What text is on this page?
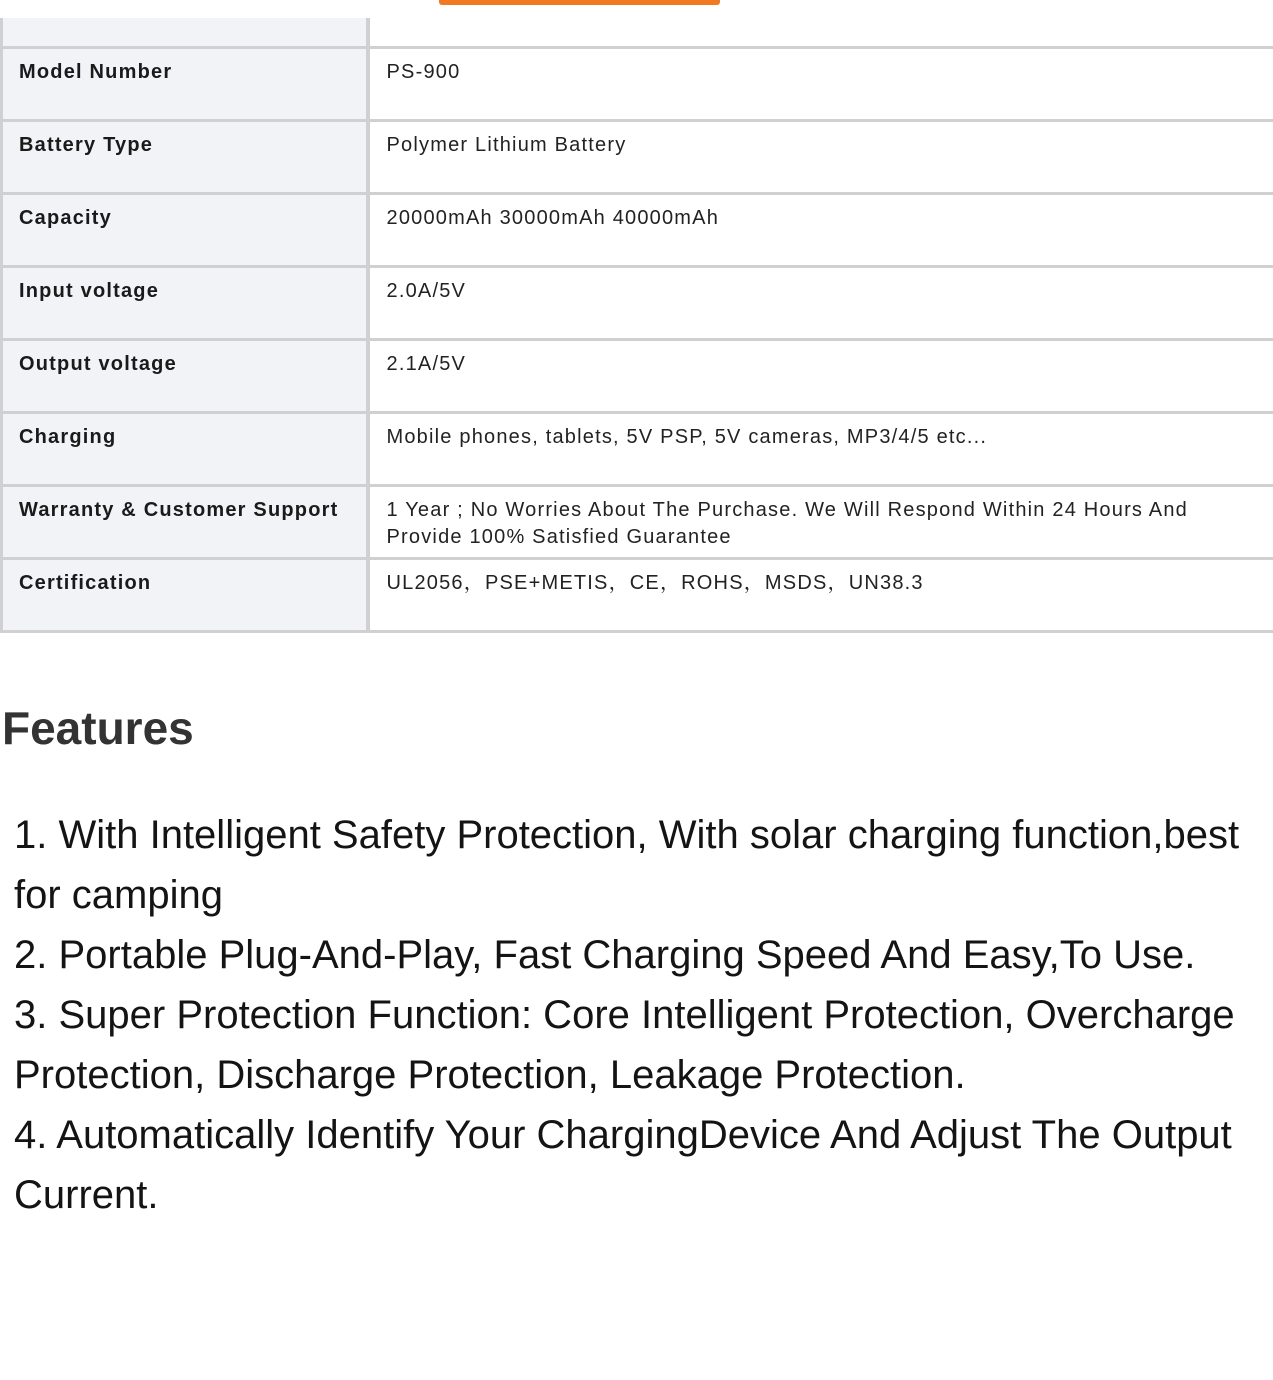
Model Number	PS-900

Battery Type	Polymer Lithium Battery

Capacity	20000mAh 30000mAh 40000mAh

Input voltage	2.0A/5V

Output voltage	2.1A/5V

Charging	Mobile phones, tablets, 5V PSP, 5V cameras, MP3/4/5 etc...

Warranty & Customer Support	1 Year ; No Worries About The Purchase. We Will Respond Within 24 Hours And Provide 100% Satisfied Guarantee

Certification	UL2056，PSE+METIS，CE，ROHS，MSDS，UN38.3
Features
1. With Intelligent Safety Protection, With solar charging function,best for camping
2. Portable Plug-And-Play, Fast Charging Speed And Easy,To Use.
3. Super Protection Function: Core Intelligent Protection, Overcharge Protection, Discharge Protection, Leakage Protection.
4. Automatically Identify Your ChargingDevice And Adjust The Output Current.
